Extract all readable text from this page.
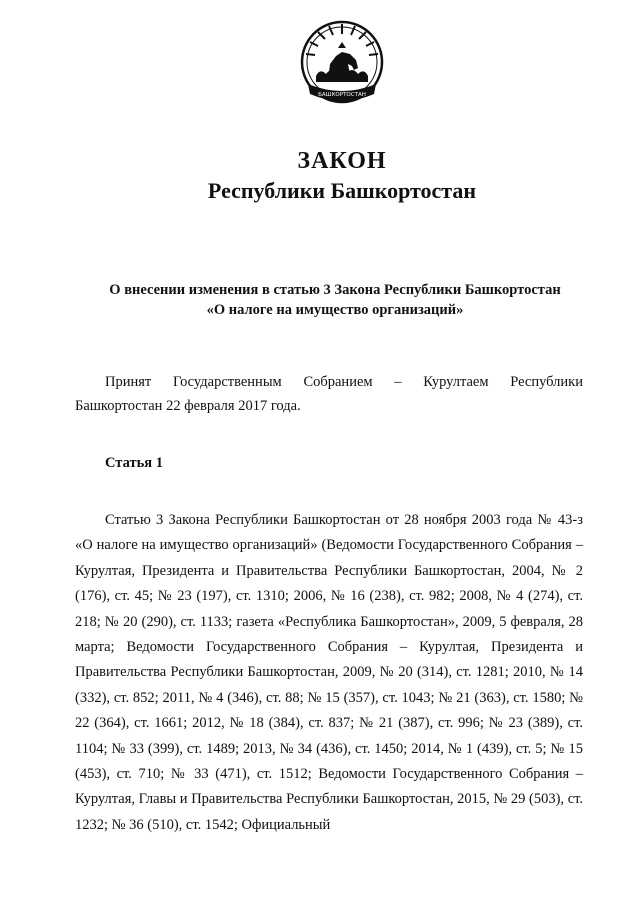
БАШКОРТОСТАН
ЗАКОН
Республики Башкортостан
О внесении изменения в статью 3 Закона Республики Башкортостан
«О налоге на имущество организаций»
Принят Государственным Собранием – Курултаем Республики Башкортостан 22 февраля 2017 года.
Статья 1
Статью 3 Закона Республики Башкортостан от 28 ноября 2003 года № 43-з «О налоге на имущество организаций» (Ведомости Государственного Собрания – Курултая, Президента и Правительства Республики Башкортостан, 2004, № 2 (176), ст. 45; № 23 (197), ст. 1310; 2006, № 16 (238), ст. 982; 2008, № 4 (274), ст. 218; № 20 (290), ст. 1133; газета «Республика Башкортостан», 2009, 5 февраля, 28 марта; Ведомости Государственного Собрания – Курултая, Президента и Правительства Республики Башкортостан, 2009, № 20 (314), ст. 1281; 2010, № 14 (332), ст. 852; 2011, № 4 (346), ст. 88; № 15 (357), ст. 1043; № 21 (363), ст. 1580; № 22 (364), ст. 1661; 2012, № 18 (384), ст. 837; № 21 (387), ст. 996; № 23 (389), ст. 1104; № 33 (399), ст. 1489; 2013, № 34 (436), ст. 1450; 2014, № 1 (439), ст. 5; № 15 (453), ст. 710; № 33 (471), ст. 1512; Ведомости Государственного Собрания – Курултая, Главы и Правительства Республики Башкортостан, 2015, № 29 (503), ст. 1232; № 36 (510), ст. 1542; Официальный
